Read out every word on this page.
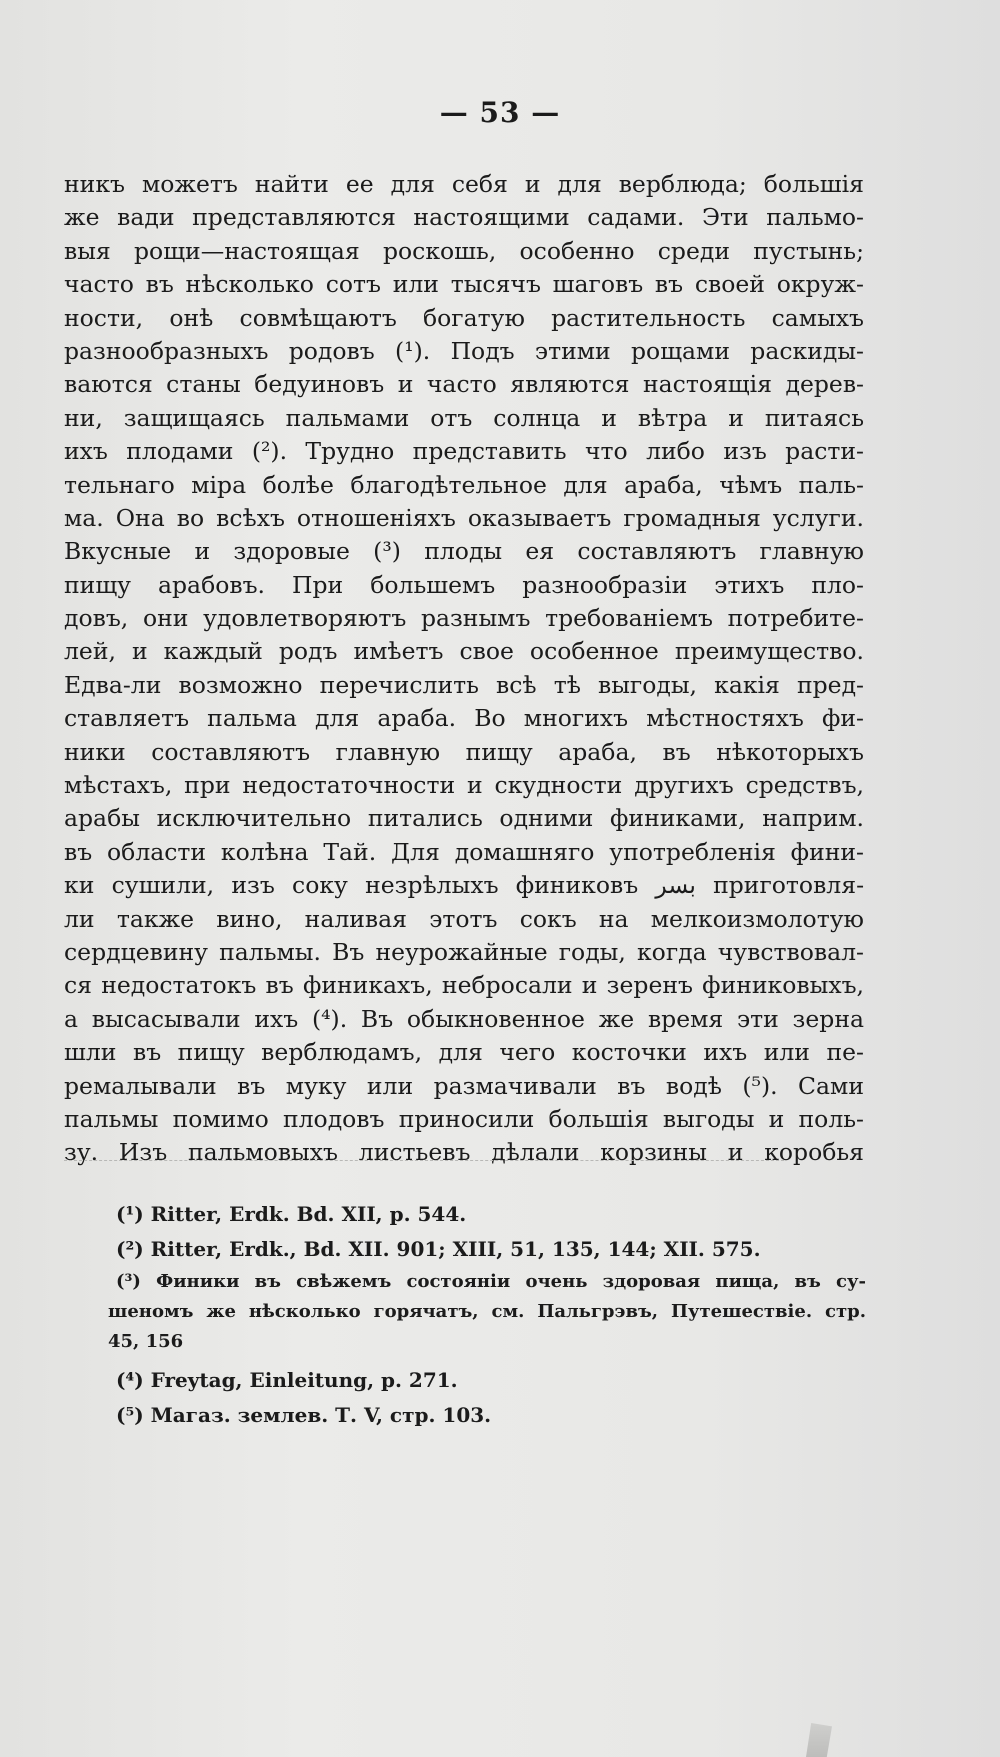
— 53 —
никъ можетъ найти ее для себя и для верблюда; большія
же вади представляются настоящими садами. Эти пальмо-
выя рощи—настоящая роскошь, особенно среди пустынь;
часто въ нѣсколько сотъ или тысячъ шаговъ въ своей окруж-
ности, онѣ совмѣщаютъ богатую растительность самыхъ
разнообразныхъ родовъ (¹). Подъ этими рощами раскиды-
ваются станы бедуиновъ и часто являются настоящія дерев-
ни, защищаясь пальмами отъ солнца и вѣтра и питаясь
ихъ плодами (²). Трудно представить что либо изъ расти-
тельнаго міра болѣе благодѣтельное для араба, чѣмъ паль-
ма. Она во всѣхъ отношеніяхъ оказываетъ громадныя услуги.
Вкусные и здоровые (³) плоды ея составляютъ главную
пищу арабовъ. При большемъ разнообразіи этихъ пло-
довъ, они удовлетворяютъ разнымъ требованіемъ потребите-
лей, и каждый родъ имѣетъ свое особенное преимущество.
Едва-ли возможно перечислить всѣ тѣ выгоды, какія пред-
ставляетъ пальма для араба. Во многихъ мѣстностяхъ фи-
ники составляютъ главную пищу араба, въ нѣкоторыхъ
мѣстахъ, при недостаточности и скудности другихъ средствъ,
арабы исключительно питались одними финиками, наприм.
въ области колѣна Тай. Для домашняго употребленія фини-
ки сушили, изъ соку незрѣлыхъ финиковъ بسر приготовля-
ли также вино, наливая этотъ сокъ на мелкоизмолотую
сердцевину пальмы. Въ неурожайные годы, когда чувствовал-
ся недостатокъ въ финикахъ, небросали и зеренъ финиковыхъ,
а высасывали ихъ (⁴). Въ обыкновенное же время эти зерна
шли въ пищу верблюдамъ, для чего косточки ихъ или пе-
ремалывали въ муку или размачивали въ водѣ (⁵). Сами
пальмы помимо плодовъ приносили большія выгоды и поль-
зу. Изъ пальмовыхъ листьевъ дѣлали корзины и коробья
(¹) Ritter, Erdk. Bd. XII, p. 544.
(²) Ritter, Erdk., Bd. XII. 901; XIII, 51, 135, 144; XII. 575.
(³) Финики въ свѣжемъ состояніи очень здоровая пища, въ су-
шеномъ же нѣсколько горячатъ, см. Пальгрэвъ, Путешествіе. стр.
45, 156
(⁴) Freytag, Einleitung, p. 271.
(⁵) Магаз. землев. Т. V, стр. 103.
